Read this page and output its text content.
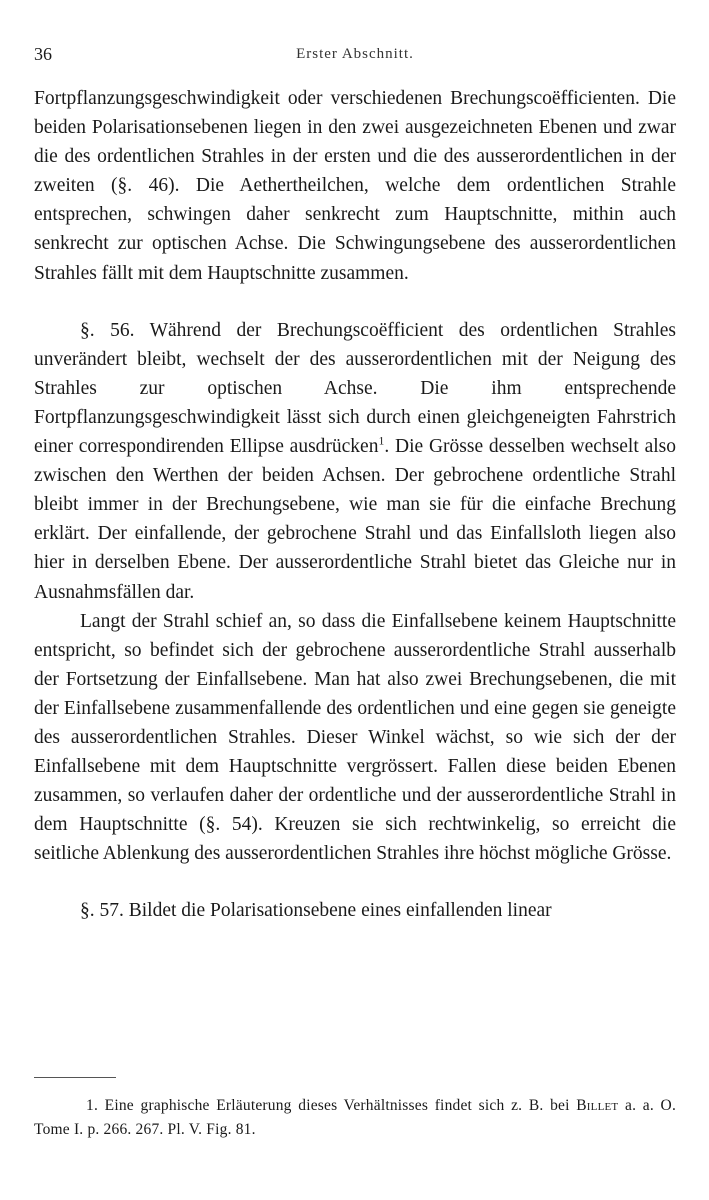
36	Erster Abschnitt.

Fortpflanzungsgeschwindigkeit oder verschiedenen Brechungscoëfficienten. Die beiden Polarisationsebenen liegen in den zwei ausgezeichneten Ebenen und zwar die des ordentlichen Strahles in der ersten und die des ausserordentlichen in der zweiten (§. 46). Die Aethertheilchen, welche dem ordentlichen Strahle entsprechen, schwingen daher senkrecht zum Hauptschnitte, mithin auch senkrecht zur optischen Achse. Die Schwingungsebene des ausserordentlichen Strahles fällt mit dem Hauptschnitte zusammen.

§. 56. Während der Brechungscoëfficient des ordentlichen Strahles unverändert bleibt, wechselt der des ausserordentlichen mit der Neigung des Strahles zur optischen Achse. Die ihm entsprechende Fortpflanzungsgeschwindigkeit lässt sich durch einen gleichgeneigten Fahrstrich einer correspondirenden Ellipse ausdrücken$^1$. Die Grösse desselben wechselt also zwischen den Werthen der beiden Achsen. Der gebrochene ordentliche Strahl bleibt immer in der Brechungsebene, wie man sie für die einfache Brechung erklärt. Der einfallende, der gebrochene Strahl und das Einfallsloth liegen also hier in derselben Ebene. Der ausserordentliche Strahl bietet das Gleiche nur in Ausnahmsfällen dar.

Langt der Strahl schief an, so dass die Einfallsebene keinem Hauptschnitte entspricht, so befindet sich der gebrochene ausserordentliche Strahl ausserhalb der Fortsetzung der Einfallsebene. Man hat also zwei Brechungsebenen, die mit der Einfallsebene zusammenfallende des ordentlichen und eine gegen sie geneigte des ausserordentlichen Strahles. Dieser Winkel wächst, so wie sich der der Einfallsebene mit dem Hauptschnitte vergrössert. Fallen diese beiden Ebenen zusammen, so verlaufen daher der ordentliche und der ausserordentliche Strahl in dem Hauptschnitte (§. 54). Kreuzen sie sich rechtwinkelig, so erreicht die seitliche Ablenkung des ausserordentlichen Strahles ihre höchst mögliche Grösse.

§. 57. Bildet die Polarisationsebene eines einfallenden linear

1. Eine graphische Erläuterung dieses Verhältnisses findet sich z. B. bei Billet a. a. O. Tome I. p. 266. 267. Pl. V. Fig. 81.
